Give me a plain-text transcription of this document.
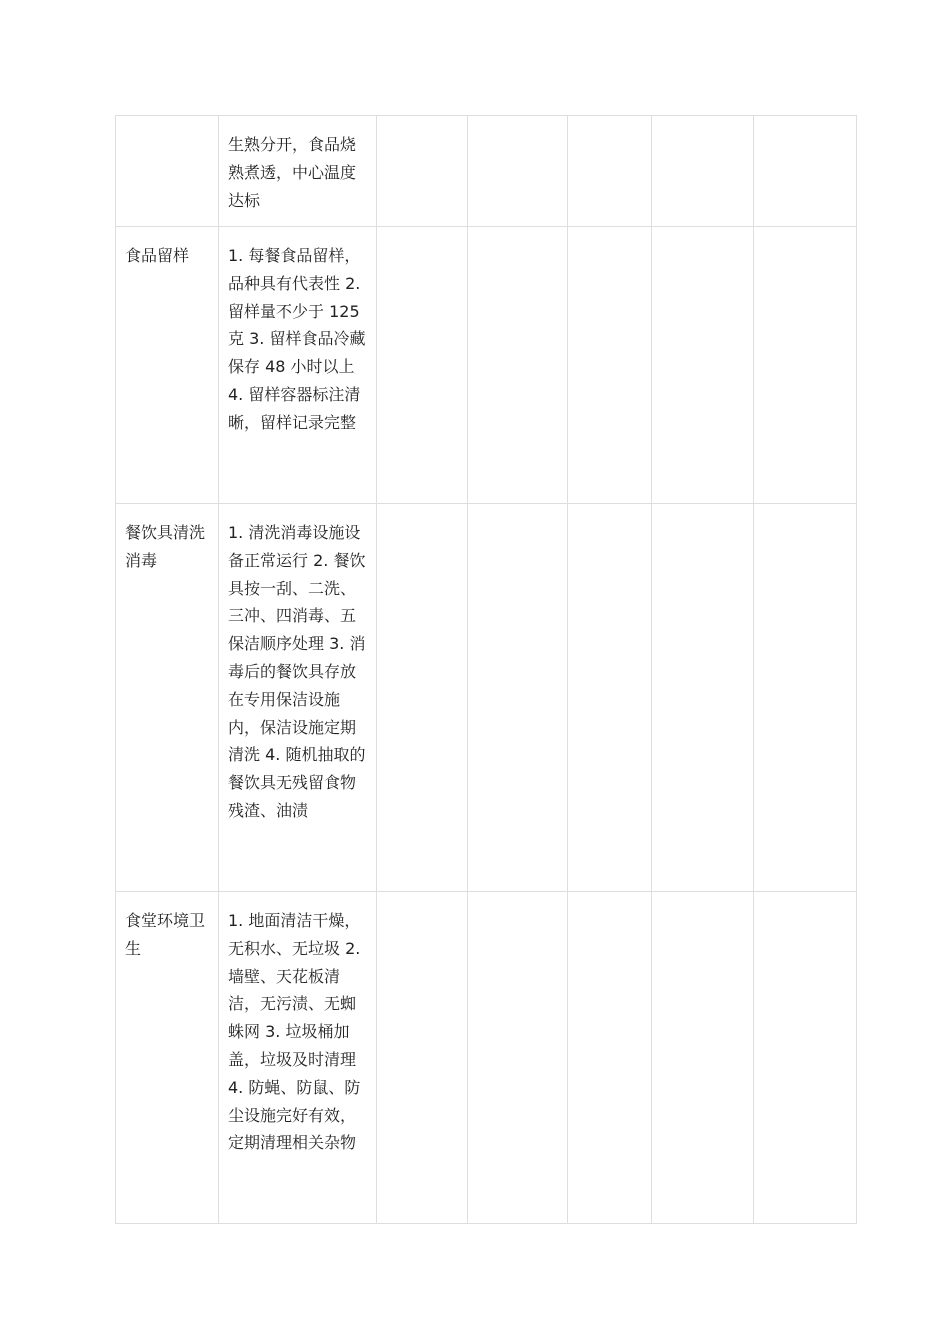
	生熟分开，食品烧熟煮透，中心温度达标					
食品留样	1. 每餐食品留样，品种具有代表性 2. 留样量不少于 125 克 3. 留样食品冷藏保存 48 小时以上 4. 留样容器标注清晰，留样记录完整					
餐饮具清洗消毒	1. 清洗消毒设施设备正常运行 2. 餐饮具按一刮、二洗、三冲、四消毒、五保洁顺序处理 3. 消毒后的餐饮具存放在专用保洁设施内，保洁设施定期清洗 4. 随机抽取的餐饮具无残留食物残渣、油渍					
食堂环境卫生	1. 地面清洁干燥，无积水、无垃圾 2. 墙壁、天花板清洁，无污渍、无蜘蛛网 3. 垃圾桶加盖，垃圾及时清理 4. 防蝇、防鼠、防尘设施完好有效，定期清理相关杂物					
